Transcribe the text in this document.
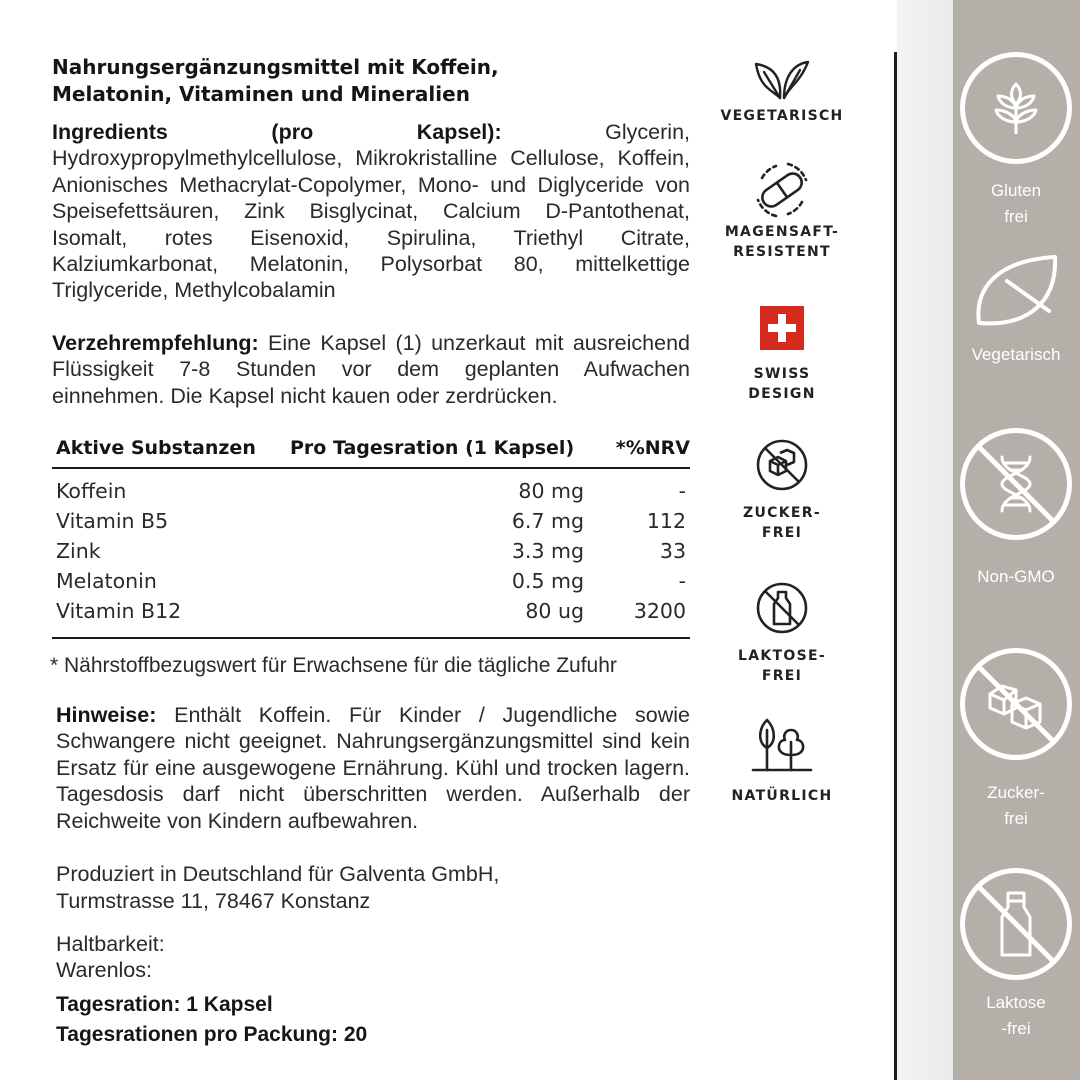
Nahrungsergänzungsmittel mit Koffein,
Melatonin, Vitaminen und Mineralien

Ingredients (pro Kapsel):	Glycerin, Hydroxypropylmethylcellulose, Mikrokristalline Cellulose, Koffein, Anionisches Methacrylat-Copolymer, Mono- und Diglyceride von Speisefettsäuren, Zink Bisglycinat, Calcium D-Pantothenat, Isomalt, rotes Eisenoxid, Spirulina, Triethyl Citrate, Kalziumkarbonat, Melatonin, Polysorbat 80, mittelkettige Triglyceride, Methylcobalamin

Verzehrempfehlung: Eine Kapsel (1) unzerkaut mit ausreichend Flüssigkeit 7-8 Stunden vor dem geplanten Aufwachen einnehmen. Die Kapsel nicht kauen oder zerdrücken.

Aktive Substanzen	Pro Tagesration (1 Kapsel)	*%NRV
Koffein	80 mg	-
Vitamin B5	6.7 mg	112
Zink	3.3 mg	33
Melatonin	0.5 mg	-
Vitamin B12	80 ug	3200

* Nährstoffbezugswert für Erwachsene für die tägliche Zufuhr

Hinweise: Enthält Koffein. Für Kinder / Jugendliche sowie Schwangere nicht geeignet. Nahrungsergänzungsmittel sind kein Ersatz für eine ausgewogene Ernährung. Kühl und trocken lagern. Tagesdosis darf nicht überschritten werden. Außerhalb der Reichweite von Kindern aufbewahren.

Produziert in Deutschland für Galventa GmbH,
Turmstrasse 11, 78467 Konstanz

Haltbarkeit:

Warenlos:

Tagesration: 1 Kapsel

Tagesrationen pro Packung: 20

VEGETARISCH
MAGENSAFT-
RESISTENT
SWISS
DESIGN
ZUCKER-
FREI
LAKTOSE-
FREI
NATÜRLICH
Gluten
frei
Vegetarisch
Non-GMO
Zucker-
frei
Laktose
-frei
